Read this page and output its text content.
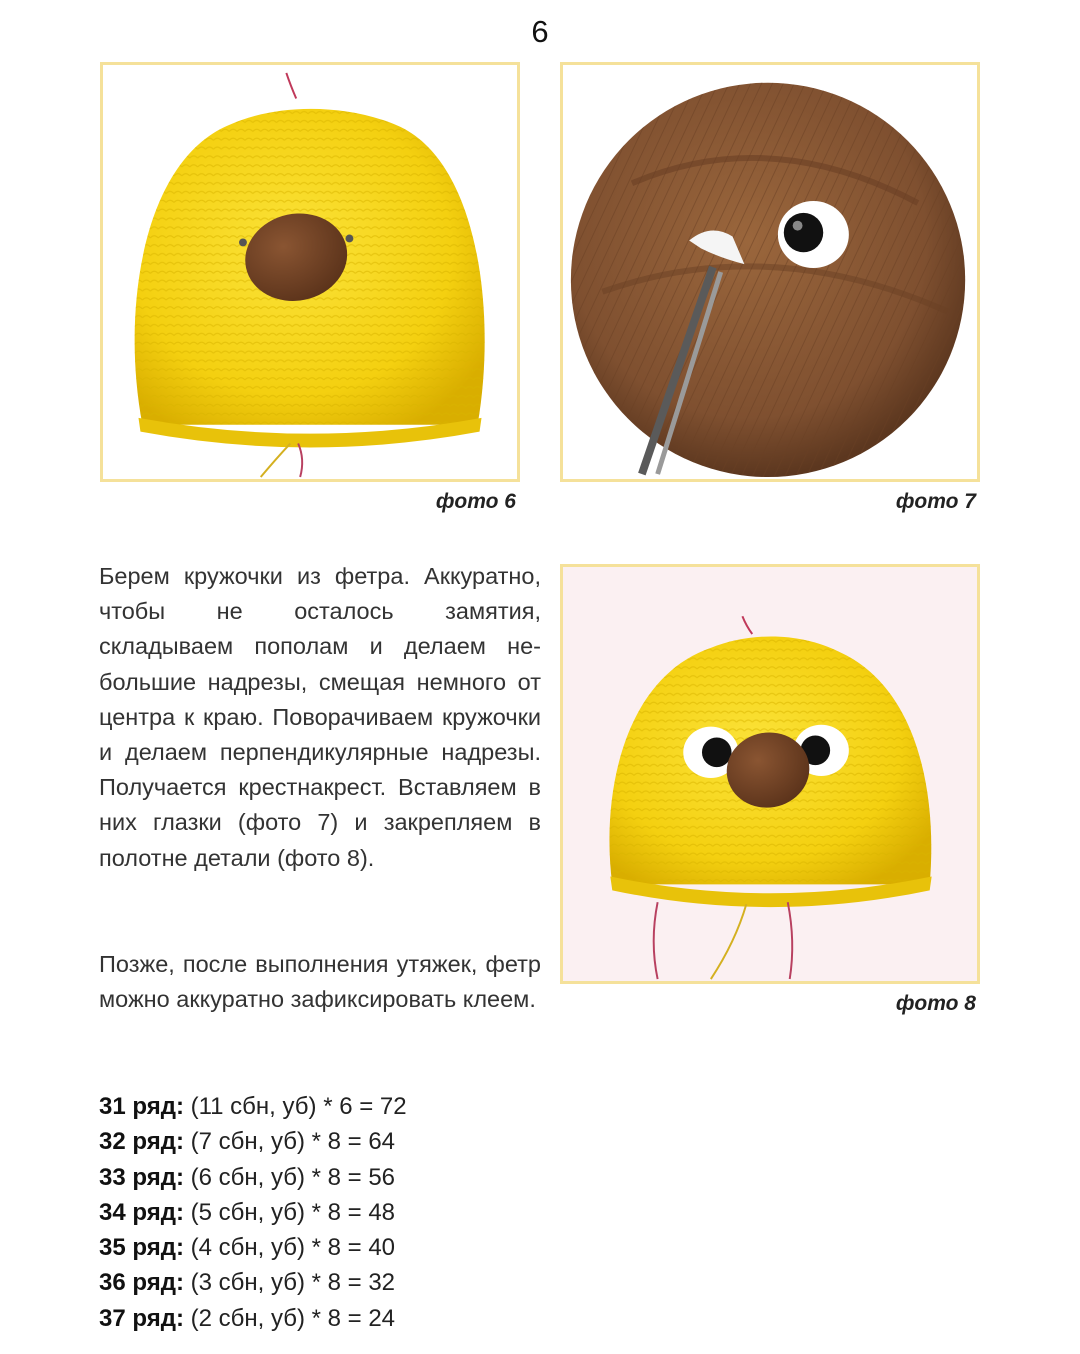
6
фото 6	фото 7
фото 8

Берем кружочки из фетра. Аккуратно, чтобы не осталось замятия, складываем пополам и делаем небольшие надрезы, смещая немного от центра к краю. Поворачиваем кружочки и делаем перпендикулярные надрезы. Получается крестнакрест. Вставляем в них глазки (фото 7) и закрепляем в полотне детали (фото 8).

Позже, после выполнения утяжек, фетр можно аккуратно зафиксировать клеем.

31 ряд: (11 сбн, уб) * 6 = 72
32 ряд: (7 сбн, уб) * 8 = 64
33 ряд: (6 сбн, уб) * 8 = 56
34 ряд: (5 сбн, уб) * 8 = 48
35 ряд: (4 сбн, уб) * 8 = 40
36 ряд: (3 сбн, уб) * 8 = 32
37 ряд: (2 сбн, уб) * 8 = 24
